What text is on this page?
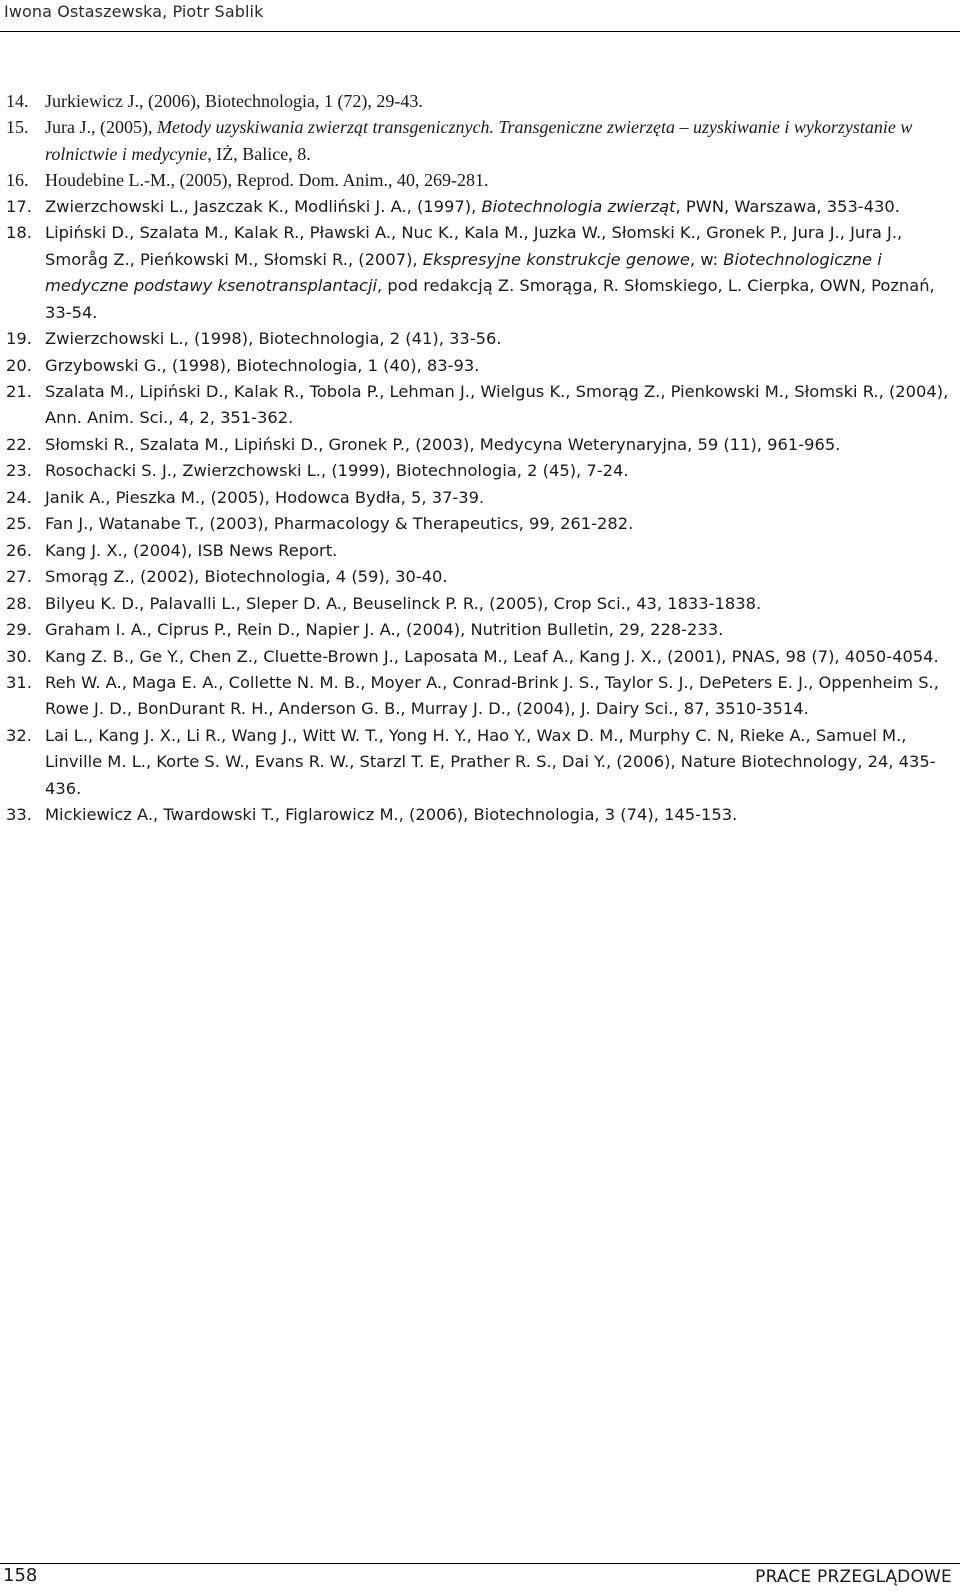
Iwona Ostaszewska, Piotr Sablik
14. Jurkiewicz J., (2006), Biotechnologia, 1 (72), 29-43.
15. Jura J., (2005), Metody uzyskiwania zwierząt transgenicznych. Transgeniczne zwierzęta – uzyskiwanie i wykorzystanie w rolnictwie i medycynie, IŻ, Balice, 8.
16. Houdebine L.-M., (2005), Reprod. Dom. Anim., 40, 269-281.
17. Zwierzchowski L., Jaszczak K., Modliński J. A., (1997), Biotechnologia zwierząt, PWN, Warszawa, 353-430.
18. Lipiński D., Szalata M., Kalak R., Pławski A., Nuc K., Kala M., Juzka W., Słomski K., Gronek P., Jura J., Jura J., Smoråg Z., Pieńkowski M., Słomski R., (2007), Ekspresyjne konstrukcje genowe, w: Biotechnologiczne i medyczne podstawy ksenotransplantacji, pod redakcją Z. Smorąga, R. Słomskiego, L. Cierpka, OWN, Poznań, 33-54.
19. Zwierzchowski L., (1998), Biotechnologia, 2 (41), 33-56.
20. Grzybowski G., (1998), Biotechnologia, 1 (40), 83-93.
21. Szalata M., Lipiński D., Kalak R., Tobola P., Lehman J., Wielgus K., Smorąg Z., Pienkowski M., Słomski R., (2004), Ann. Anim. Sci., 4, 2, 351-362.
22. Słomski R., Szalata M., Lipiński D., Gronek P., (2003), Medycyna Weterynaryjna, 59 (11), 961-965.
23. Rosochacki S. J., Zwierzchowski L., (1999), Biotechnologia, 2 (45), 7-24.
24. Janik A., Pieszka M., (2005), Hodowca Bydła, 5, 37-39.
25. Fan J., Watanabe T., (2003), Pharmacology & Therapeutics, 99, 261-282.
26. Kang J. X., (2004), ISB News Report.
27. Smorąg Z., (2002), Biotechnologia, 4 (59), 30-40.
28. Bilyeu K. D., Palavalli L., Sleper D. A., Beuselinck P. R., (2005), Crop Sci., 43, 1833-1838.
29. Graham I. A., Ciprus P., Rein D., Napier J. A., (2004), Nutrition Bulletin, 29, 228-233.
30. Kang Z. B., Ge Y., Chen Z., Cluette-Brown J., Laposata M., Leaf A., Kang J. X., (2001), PNAS, 98 (7), 4050-4054.
31. Reh W. A., Maga E. A., Collette N. M. B., Moyer A., Conrad-Brink J. S., Taylor S. J., DePeters E. J., Oppenheim S., Rowe J. D., BonDurant R. H., Anderson G. B., Murray J. D., (2004), J. Dairy Sci., 87, 3510-3514.
32. Lai L., Kang J. X., Li R., Wang J., Witt W. T., Yong H. Y., Hao Y., Wax D. M., Murphy C. N, Rieke A., Samuel M., Linville M. L., Korte S. W., Evans R. W., Starzl T. E, Prather R. S., Dai Y., (2006), Nature Biotechnology, 24, 435-436.
33. Mickiewicz A., Twardowski T., Figlarowicz M., (2006), Biotechnologia, 3 (74), 145-153.
158	PRACE PRZEGLĄDOWE
